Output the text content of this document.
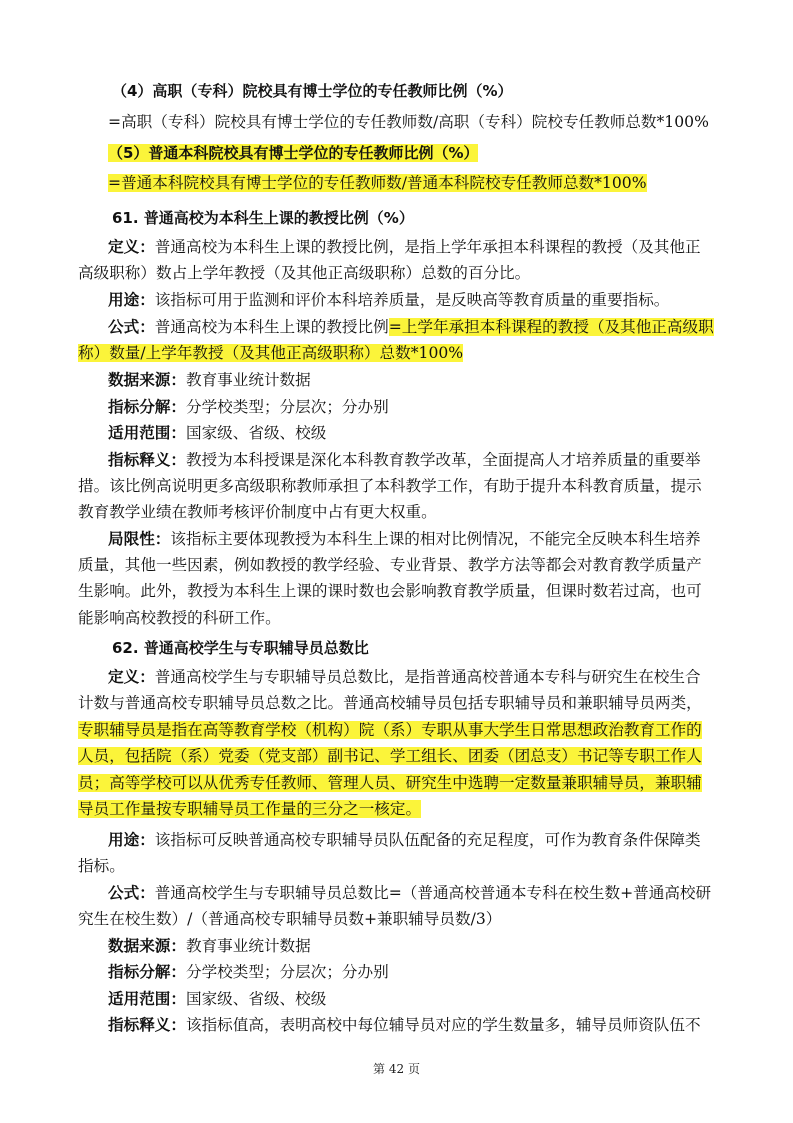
（4）高职（专科）院校具有博士学位的专任教师比例（%）
=高职（专科）院校具有博士学位的专任教师数/高职（专科）院校专任教师总数*100%
（5）普通本科院校具有博士学位的专任教师比例（%）
=普通本科院校具有博士学位的专任教师数/普通本科院校专任教师总数*100%
61. 普通高校为本科生上课的教授比例（%）
定义：普通高校为本科生上课的教授比例，是指上学年承担本科课程的教授（及其他正
高级职称）数占上学年教授（及其他正高级职称）总数的百分比。
用途：该指标可用于监测和评价本科培养质量，是反映高等教育质量的重要指标。
公式：普通高校为本科生上课的教授比例=上学年承担本科课程的教授（及其他正高级职
称）数量/上学年教授（及其他正高级职称）总数*100%
数据来源：教育事业统计数据
指标分解：分学校类型；分层次；分办别
适用范围：国家级、省级、校级
指标释义：教授为本科授课是深化本科教育教学改革，全面提高人才培养质量的重要举
措。该比例高说明更多高级职称教师承担了本科教学工作，有助于提升本科教育质量，提示
教育教学业绩在教师考核评价制度中占有更大权重。
局限性：该指标主要体现教授为本科生上课的相对比例情况，不能完全反映本科生培养
质量，其他一些因素，例如教授的教学经验、专业背景、教学方法等都会对教育教学质量产
生影响。此外，教授为本科生上课的课时数也会影响教育教学质量，但课时数若过高，也可
能影响高校教授的科研工作。
62. 普通高校学生与专职辅导员总数比
定义：普通高校学生与专职辅导员总数比，是指普通高校普通本专科与研究生在校生合
计数与普通高校专职辅导员总数之比。普通高校辅导员包括专职辅导员和兼职辅导员两类，
专职辅导员是指在高等教育学校（机构）院（系）专职从事大学生日常思想政治教育工作的
人员，包括院（系）党委（党支部）副书记、学工组长、团委（团总支）书记等专职工作人
员；高等学校可以从优秀专任教师、管理人员、研究生中选聘一定数量兼职辅导员，兼职辅
导员工作量按专职辅导员工作量的三分之一核定。
用途：该指标可反映普通高校专职辅导员队伍配备的充足程度，可作为教育条件保障类
指标。
公式：普通高校学生与专职辅导员总数比=（普通高校普通本专科在校生数+普通高校研
究生在校生数）/（普通高校专职辅导员数+兼职辅导员数/3）
数据来源：教育事业统计数据
指标分解：分学校类型；分层次；分办别
适用范围：国家级、省级、校级
指标释义：该指标值高，表明高校中每位辅导员对应的学生数量多，辅导员师资队伍不
第 42 页
